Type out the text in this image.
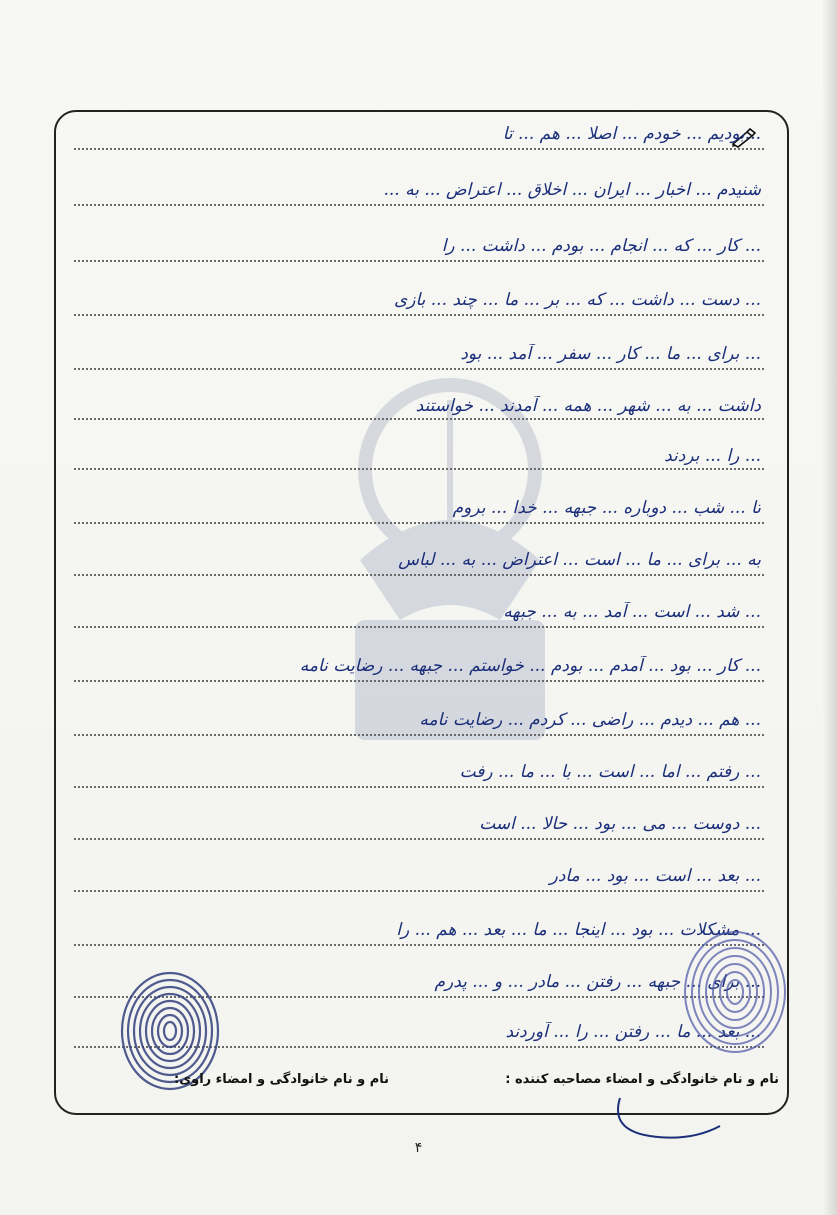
...بودیم ... خودم ... اصلا ... هم ... تا
شنیدم ... اخبار ... ایران ... اخلاق ... اعتراض ... به ...
... کار ... که ... انجام ... بودم ... داشت ... را
... دست ... داشت ... که ... بر ... ما ... چند ... بازی
... برای ... ما ... کار ... سفر ... آمد ... بود
داشت ... به ... شهر ... همه ... آمدند ... خواستند
... را ... بردند
تا ... شب ... دوباره ... جبهه ... خدا ... بروم
به ... برای ... ما ... است ... اعتراض ... به ... لباس
... شد ... است ... آمد ... به ... جبهه
... کار ... بود ... آمدم ... بودم ... خواستم ... جبهه ... رضایت نامه
... هم ... دیدم ... راضی ... کردم ... رضایت نامه
... رفتم ... اما ... است ... با ... ما ... رفت
... دوست ... می ... بود ... حالا ... است
... بعد ... است ... بود ... مادر
... مشکلات ... بود ... اینجا ... ما ... بعد ... هم ... را
... برای ... جبهه ... رفتن ... مادر ... و ... پدرم
... بعد ... ما ... رفتن ... را ... آوردند
نام و نام خانوادگی و امضاء مصاحبه کننده :
نام و نام خانوادگی و امضاء راوی:
۴
